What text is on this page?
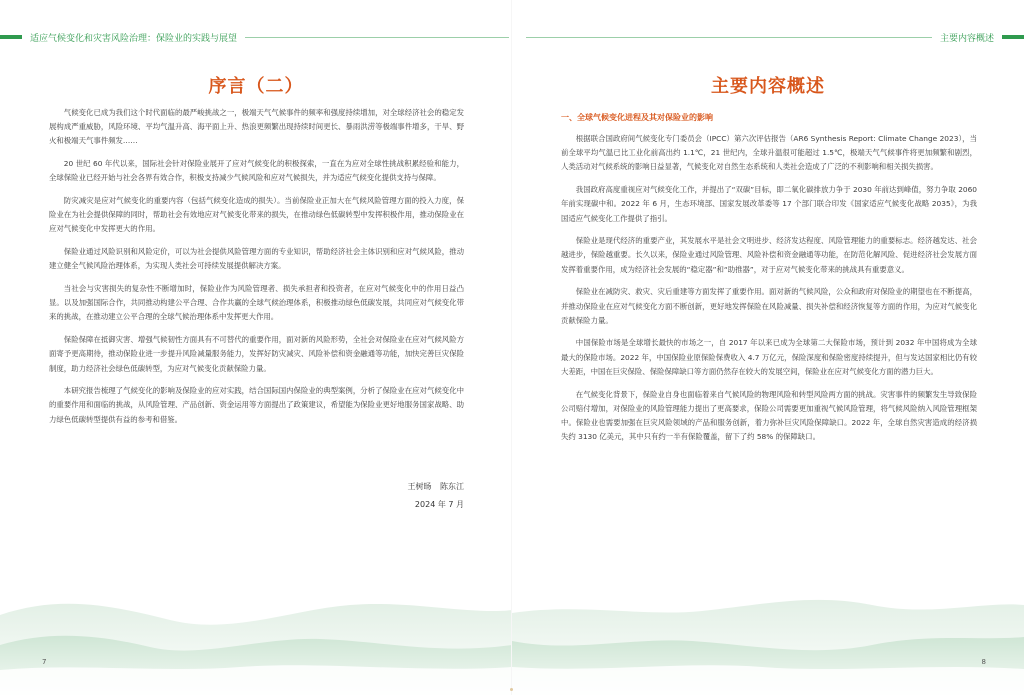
适应气候变化和灾害风险治理：保险业的实践与展望
序言（二）

气候变化已成为我们这个时代面临的最严峻挑战之一，极端天气气候事件的频率和强度持续增加，对全球经济社会的稳定发展构成严重威胁，风险环境、平均气温升高、海平面上升、热浪更频繁出现持续时间更长、暴雨洪涝等极端事件增多，干旱、野火和极端天气事件频发……

20 世纪 60 年代以来，国际社会针对保险业展开了应对气候变化的积极探索，一直在为应对全球性挑战积累经验和能力，全球保险业已经开始与社会各界有效合作，积极支持减少气候风险和应对气候损失，并为适应气候变化提供支持与保障。

防灾减灾是应对气候变化的重要内容（包括气候变化造成的损失）。当前保险业正加大在气候风险管理方面的投入力度，保险业在为社会提供保障的同时，帮助社会有效地应对气候变化带来的损失，在推动绿色低碳转型中发挥积极作用，推动保险业在应对气候变化中发挥更大的作用。

保险业通过风险识别和风险定价，可以为社会提供风险管理方面的专业知识，帮助经济社会主体识别和应对气候风险，推动建立健全气候风险治理体系，为实现人类社会可持续发展提供解决方案。

当社会与灾害损失的复杂性不断增加时，保险业作为风险管理者、损失承担者和投资者，在应对气候变化中的作用日益凸显。以及加强国际合作，共同推动构建公平合理、合作共赢的全球气候治理体系，积极推动绿色低碳发展，共同应对气候变化带来的挑战，在推动建立公平合理的全球气候治理体系中发挥更大作用。

保险保障在抵御灾害、增强气候韧性方面具有不可替代的重要作用，面对新的风险形势，全社会对保险业在应对气候风险方面寄予更高期待，推动保险业进一步提升风险减量服务能力，发挥好防灾减灾、风险补偿和资金融通等功能，加快完善巨灾保险制度，助力经济社会绿色低碳转型，为应对气候变化贡献保险力量。

本研究报告梳理了气候变化的影响及保险业的应对实践，结合国际国内保险业的典型案例，分析了保险业在应对气候变化中的重要作用和面临的挑战，从风险管理、产品创新、资金运用等方面提出了政策建议，希望能为保险业更好地服务国家战略、助力绿色低碳转型提供有益的参考和借鉴。

王树旸 陈东江
2024 年 7 月
7
主要内容概述
主要内容概述
一、全球气候变化进程及其对保险业的影响

根据联合国政府间气候变化专门委员会（IPCC）第六次评估报告（AR6 Synthesis Report: Climate Change 2023），当前全球平均气温已比工业化前高出约 1.1℃，21 世纪内，全球升温很可能超过 1.5℃，极端天气气候事件将更加频繁和剧烈，人类活动对气候系统的影响日益显著，气候变化对自然生态系统和人类社会造成了广泛的不利影响和相关损失损害。

我国政府高度重视应对气候变化工作，并提出了“双碳”目标，即二氧化碳排放力争于 2030 年前达到峰值，努力争取 2060 年前实现碳中和。2022 年 6 月，生态环境部、国家发展改革委等 17 个部门联合印发《国家适应气候变化战略 2035》，为我国适应气候变化工作提供了指引。

保险业是现代经济的重要产业，其发展水平是社会文明进步、经济发达程度、风险管理能力的重要标志。经济越发达、社会越进步，保险越重要。长久以来，保险业通过风险管理、风险补偿和资金融通等功能，在防范化解风险、促进经济社会发展方面发挥着重要作用，成为经济社会发展的“稳定器”和“助推器”，对于应对气候变化带来的挑战具有重要意义。

保险业在减防灾、救灾、灾后重建等方面发挥了重要作用。面对新的气候风险，公众和政府对保险业的期望也在不断提高，并推动保险业在应对气候变化方面不断创新，更好地发挥保险在风险减量、损失补偿和经济恢复等方面的作用，为应对气候变化贡献保险力量。

中国保险市场是全球增长最快的市场之一，自 2017 年以来已成为全球第二大保险市场，预计到 2032 年中国将成为全球最大的保险市场。2022 年，中国保险业原保险保费收入 4.7 万亿元，保险深度和保险密度持续提升，但与发达国家相比仍有较大差距，中国在巨灾保险、保险保障缺口等方面仍然存在较大的发展空间，保险业在应对气候变化方面的潜力巨大。

在气候变化背景下，保险业自身也面临着来自气候风险的物理风险和转型风险两方面的挑战。灾害事件的频繁发生导致保险公司赔付增加，对保险业的风险管理能力提出了更高要求，保险公司需要更加重视气候风险管理，将气候风险纳入风险管理框架中。保险业也需要加强在巨灾风险领域的产品和服务创新，着力弥补巨灾风险保障缺口。2022 年，全球自然灾害造成的经济损失约 3130 亿美元，其中只有约一半有保险覆盖，留下了约 58% 的保障缺口。

8
